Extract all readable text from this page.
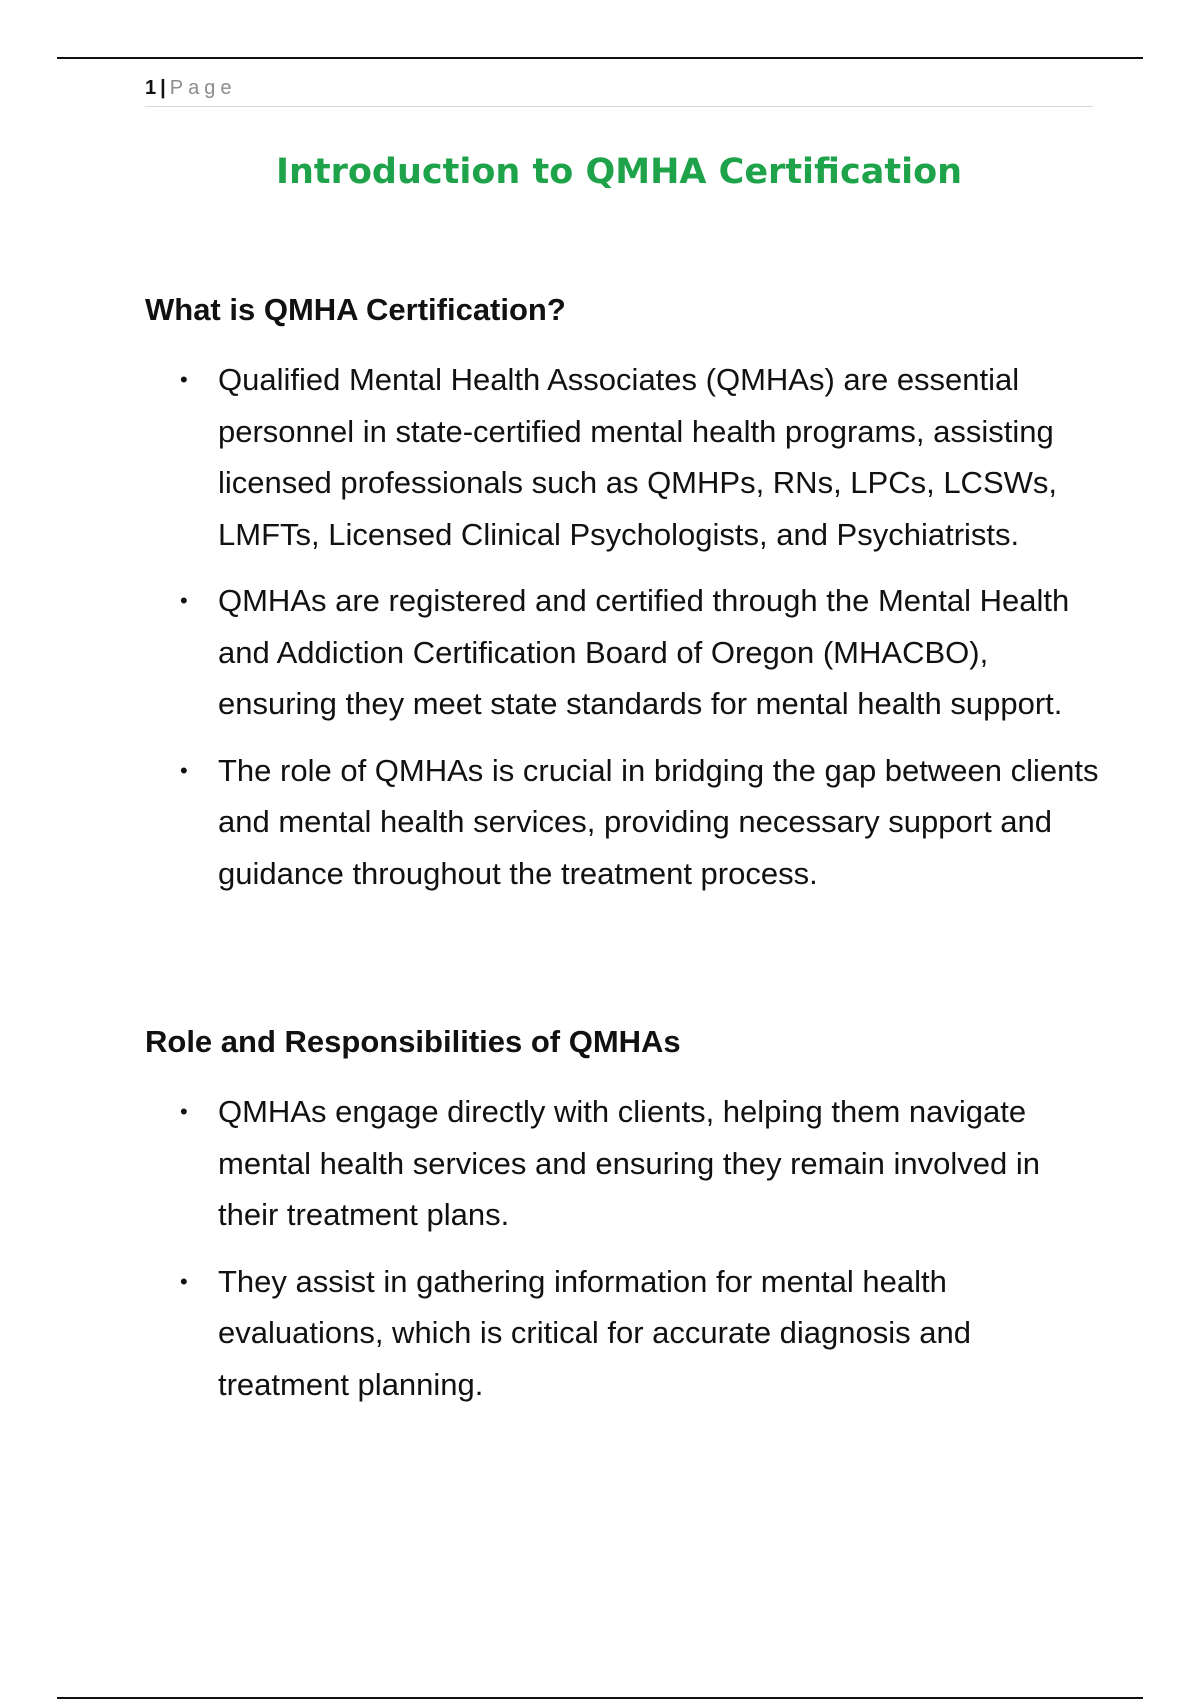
1 | Page
Introduction to QMHA Certification
What is QMHA Certification?
• Qualified Mental Health Associates (QMHAs) are essential personnel in state-certified mental health programs, assisting licensed professionals such as QMHPs, RNs, LPCs, LCSWs, LMFTs, Licensed Clinical Psychologists, and Psychiatrists.
• QMHAs are registered and certified through the Mental Health and Addiction Certification Board of Oregon (MHACBO), ensuring they meet state standards for mental health support.
• The role of QMHAs is crucial in bridging the gap between clients and mental health services, providing necessary support and guidance throughout the treatment process.
Role and Responsibilities of QMHAs
• QMHAs engage directly with clients, helping them navigate mental health services and ensuring they remain involved in their treatment plans.
• They assist in gathering information for mental health evaluations, which is critical for accurate diagnosis and treatment planning.
